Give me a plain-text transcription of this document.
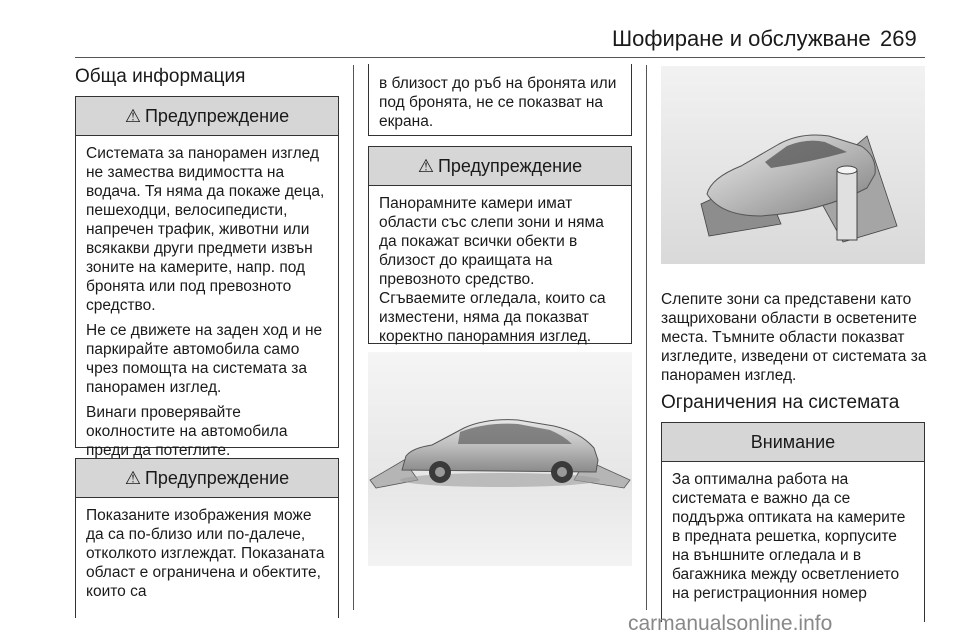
Шофиране и обслужване 269
Обща информация
⚠ Предупреждение

Системата за панорамен изглед не замества видимостта на водача. Тя няма да покаже деца, пешеходци, велосипедисти, напречен трафик, животни или всякакви други предмети извън зоните на камерите, напр. под бронята или под превозното средство.

Не се движете на заден ход и не паркирайте автомобила само чрез помощта на системата за панорамен изглед.

Винаги проверявайте околностите на автомобила преди да потеглите.

⚠ Предупреждение

Показаните изображения може да са по-близо или по-далече, отколкото изглеждат. Показаната област е ограничена и обектите, които са

в близост до ръб на бронята или под бронята, не се показват на екрана.

⚠ Предупреждение

Панорамните камери имат области със слепи зони и няма да покажат всички обекти в близост до краищата на превозното средство. Сгъваемите огледала, които са изместени, няма да показват коректно панорамния изглед.

Слепите зони са представени като защриховани области в осветените места. Тъмните области показват изгледите, изведени от системата за панорамен изглед.
Ограничения на системата
Внимание

За оптимална работа на системата е важно да се поддържа оптиката на камерите в предната решетка, корпусите на външните огледала и в багажника между осветлението на регистрационния номер

carmanualsonline.info
